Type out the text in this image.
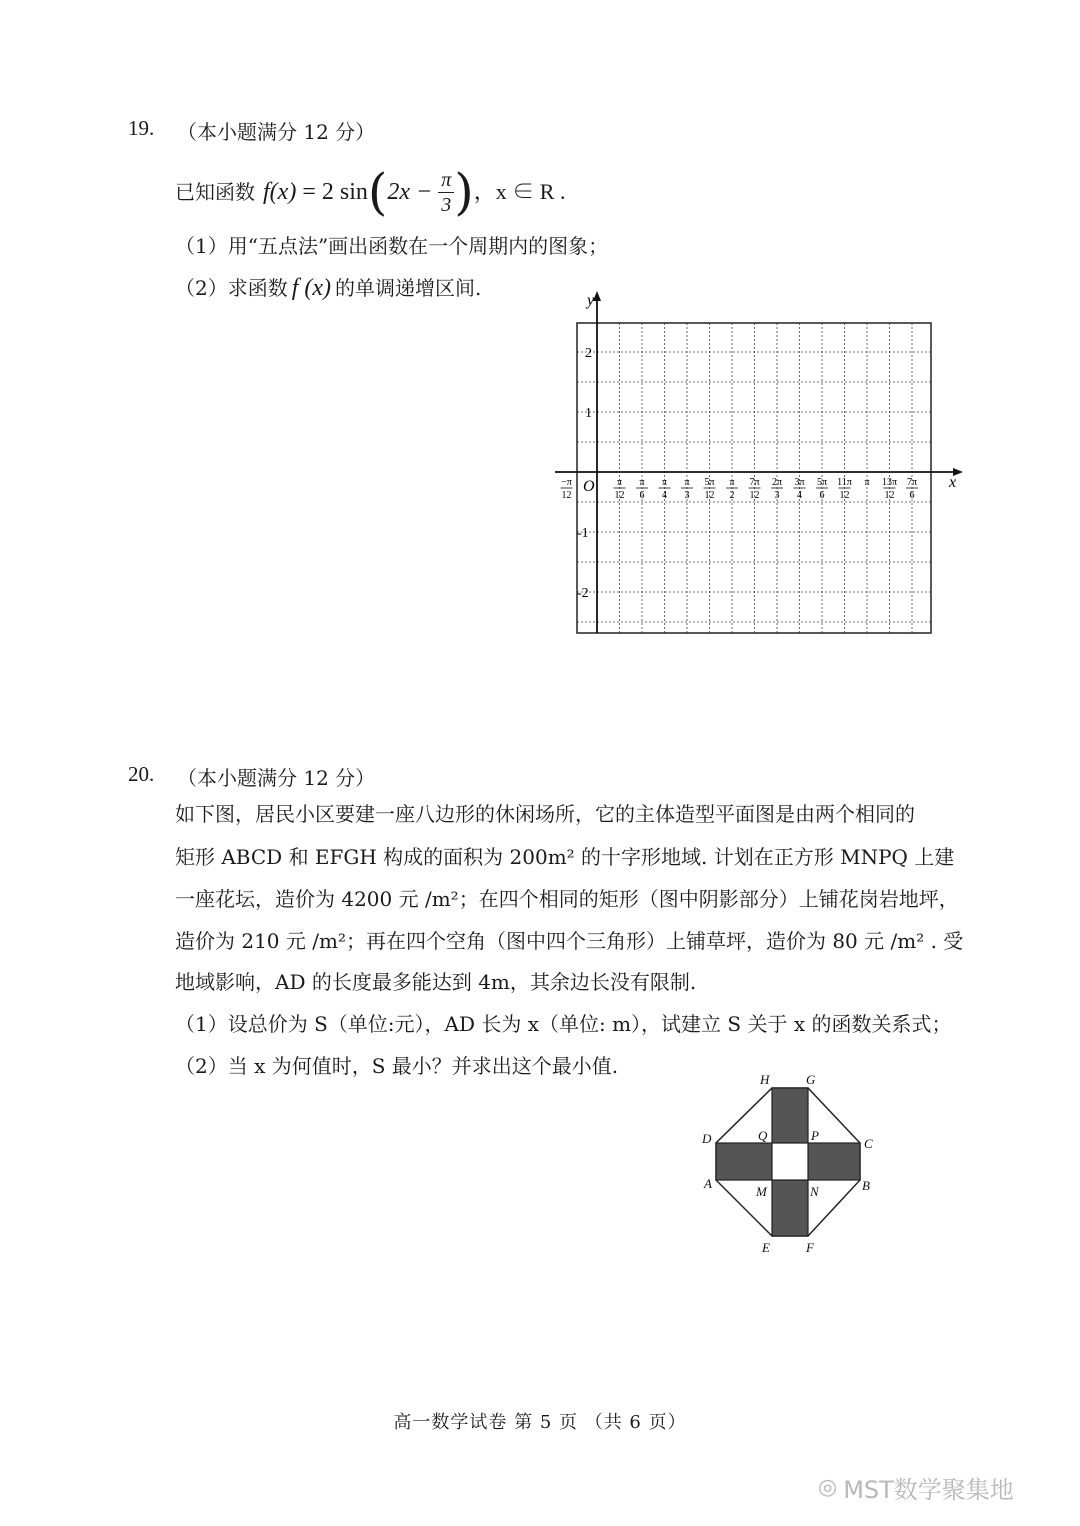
19. （本小题满分 12 分）
已知函数 f(x) = 2 sin ( $2x - \frac{\pi}{3}$ ) ，x ∈ R .
（1）用“五点法”画出函数在一个周期内的图象；
（2）求函数 f (x) 的单调递增区间.
y
x
O
2
1
-1
-2
π
12
π
6
π
4
π
3
5π
12
π
2
7π
12
2π
3
3π
4
5π
6
11π
12
π 13π
12
7π
6
−π
12
20. （本小题满分 12 分）
如下图，居民小区要建一座八边形的休闲场所，它的主体造型平面图是由两个相同的
矩形 ABCD 和 EFGH 构成的面积为 200m² 的十字形地域. 计划在正方形 MNPQ 上建
一座花坛，造价为 4200 元 /m²；在四个相同的矩形（图中阴影部分）上铺花岗岩地坪，
造价为 210 元 /m²；再在四个空角（图中四个三角形）上铺草坪，造价为 80 元 /m² . 受
地域影响，AD 的长度最多能达到 4m，其余边长没有限制.
（1）设总价为 S（单位:元），AD 长为 x（单位: m），试建立 S 关于 x 的函数关系式；
（2）当 x 为何值时，S 最小？并求出这个最小值.
H	G
D	Q	P
C
A
M	N	B
E	F
高一数学试卷 第 5 页 （共 6 页）
◎ MST数学聚集地
